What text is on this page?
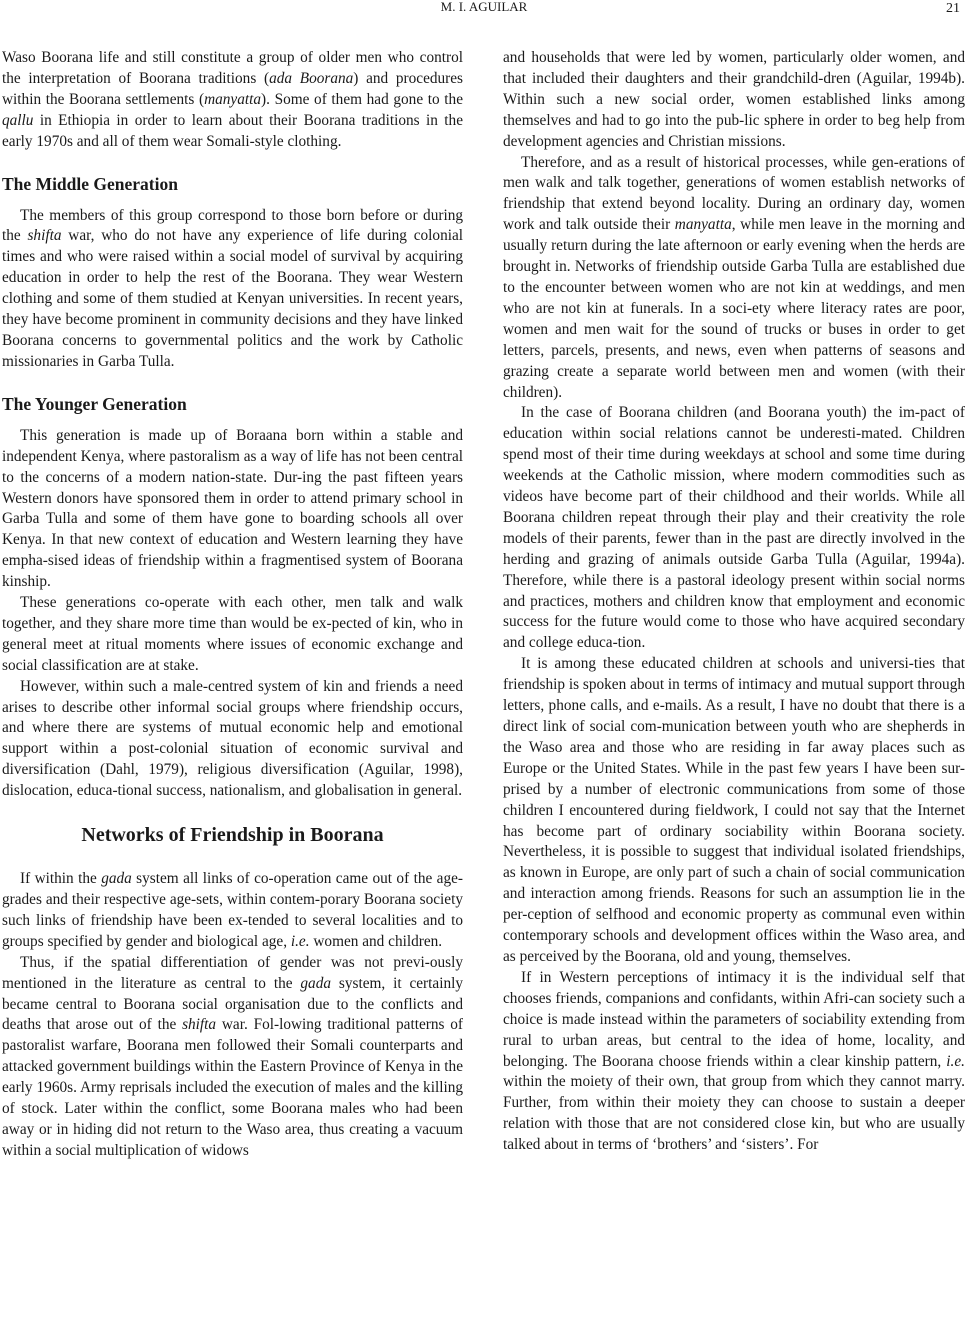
M. I. AGUILAR	21

Waso Boorana life and still constitute a group of older men who control the interpretation of Boorana traditions (ada Boorana) and procedures within the Boorana settlements (manyatta). Some of them had gone to the qallu in Ethiopia in order to learn about their Boorana traditions in the early 1970s and all of them wear Somali-style clothing.

The Middle Generation

The members of this group correspond to those born before or during the shifta war, who do not have any experience of life during colonial times and who were raised within a social model of survival by acquiring education in order to help the rest of the Boorana. They wear Western clothing and some of them studied at Kenyan universities. In recent years, they have become prominent in community decisions and they have linked Boorana concerns to governmental politics and the work by Catholic missionaries in Garba Tulla.

The Younger Generation

This generation is made up of Boraana born within a stable and independent Kenya, where pastoralism as a way of life has not been central to the concerns of a modern nation-state. Dur-ing the past fifteen years Western donors have sponsored them in order to attend primary school in Garba Tulla and some of them have gone to boarding schools all over Kenya. In that new context of education and Western learning they have empha-sised ideas of friendship within a fragmentised system of Boorana kinship.

These generations co-operate with each other, men talk and walk together, and they share more time than would be ex-pected of kin, who in general meet at ritual moments where issues of economic exchange and social classification are at stake.

However, within such a male-centred system of kin and friends a need arises to describe other informal social groups where friendship occurs, and where there are systems of mutual economic help and emotional support within a post-colonial situation of economic survival and diversification (Dahl, 1979), religious diversification (Aguilar, 1998), dislocation, educa-tional success, nationalism, and globalisation in general.

Networks of Friendship in Boorana

If within the gada system all links of co-operation came out of the age-grades and their respective age-sets, within contem-porary Boorana society such links of friendship have been ex-tended to several localities and to groups specified by gender and biological age, i.e. women and children.

Thus, if the spatial differentiation of gender was not previ-ously mentioned in the literature as central to the gada system, it certainly became central to Boorana social organisation due to the conflicts and deaths that arose out of the shifta war. Fol-lowing traditional patterns of pastoralist warfare, Boorana men followed their Somali counterparts and attacked government buildings within the Eastern Province of Kenya in the early 1960s. Army reprisals included the execution of males and the killing of stock. Later within the conflict, some Boorana males who had been away or in hiding did not return to the Waso area, thus creating a vacuum within a social multiplication of widows

and households that were led by women, particularly older women, and that included their daughters and their grandchild-dren (Aguilar, 1994b). Within such a new social order, women established links among themselves and had to go into the pub-lic sphere in order to beg help from development agencies and Christian missions.

Therefore, and as a result of historical processes, while gen-erations of men walk and talk together, generations of women establish networks of friendship that extend beyond locality. During an ordinary day, women work and talk outside their manyatta, while men leave in the morning and usually return during the late afternoon or early evening when the herds are brought in. Networks of friendship outside Garba Tulla are established due to the encounter between women who are not kin at weddings, and men who are not kin at funerals. In a soci-ety where literacy rates are poor, women and men wait for the sound of trucks or buses in order to get letters, parcels, presents, and news, even when patterns of seasons and grazing create a separate world between men and women (with their children).

In the case of Boorana children (and Boorana youth) the im-pact of education within social relations cannot be underesti-mated. Children spend most of their time during weekdays at school and some time during weekends at the Catholic mission, where modern commodities such as videos have become part of their childhood and their worlds. While all Boorana children repeat through their play and their creativity the role models of their parents, fewer than in the past are directly involved in the herding and grazing of animals outside Garba Tulla (Aguilar, 1994a). Therefore, while there is a pastoral ideology present within social norms and practices, mothers and children know that employment and economic success for the future would come to those who have acquired secondary and college educa-tion.

It is among these educated children at schools and universi-ties that friendship is spoken about in terms of intimacy and mutual support through letters, phone calls, and e-mails. As a result, I have no doubt that there is a direct link of social com-munication between youth who are shepherds in the Waso area and those who are residing in far away places such as Europe or the United States. While in the past few years I have been sur-prised by a number of electronic communications from some of those children I encountered during fieldwork, I could not say that the Internet has become part of ordinary sociability within Boorana society. Nevertheless, it is possible to suggest that individual isolated friendships, as known in Europe, are only part of such a chain of social communication and interaction among friends. Reasons for such an assumption lie in the per-ception of selfhood and economic property as communal even within contemporary schools and development offices within the Waso area, and as perceived by the Boorana, old and young, themselves.

If in Western perceptions of intimacy it is the individual self that chooses friends, companions and confidants, within Afri-can society such a choice is made instead within the parameters of sociability extending from rural to urban areas, but central to the idea of home, locality, and belonging. The Boorana choose friends within a clear kinship pattern, i.e. within the moiety of their own, that group from which they cannot marry. Further, from within their moiety they can choose to sustain a deeper relation with those that are not considered close kin, but who are usually talked about in terms of ‘brothers’ and ‘sisters’. For
